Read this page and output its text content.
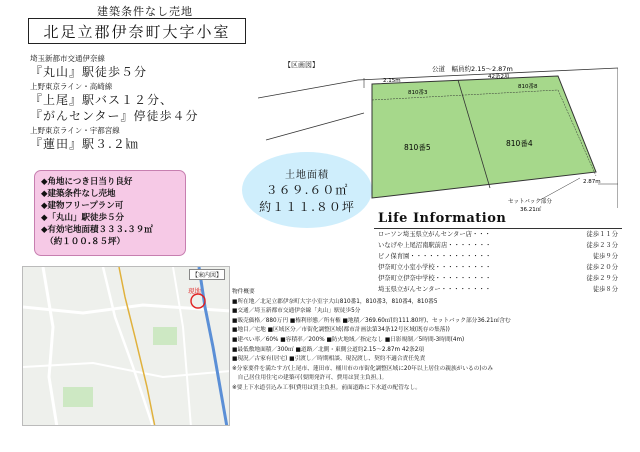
建築条件なし売地
北足立郡伊奈町大字小室
埼玉新都市交通伊奈線
『丸山』駅徒歩５分
上野東京ライン・高崎線
『上尾』駅バス１２分、
『がんセンター』停徒歩４分
上野東京ライン・宇都宮線
『蓮田』駅３.２㎞
◆角地につき日当り良好
◆建築条件なし売地
◆建物フリープラン可
◆「丸山」駅徒歩５分
◆有効宅地面積３３３.３９㎡
　（約１００.８５坪）
土地面積
３６９.６０㎡
約１１１.８０坪
公道　幅員約2.15～2.87m
42条2項
2.15m
2.87m
810番3
810番8
810番5	810番4
セットバック部分
36.21㎡
【区画図】
Life Information
ローソン埼玉県立がんセンター店・・・	徒歩１１分
いなげや上尾沼南駅前店・・・・・・・	徒歩２３分
ピノ保育園・・・・・・・・・・・・・	徒歩９分
伊奈町立小室小学校・・・・・・・・・	徒歩２０分
伊奈町立伊奈中学校・・・・・・・・・	徒歩２９分
埼玉県立がんセンター・・・・・・・・	徒歩８分
現地
【案内図】
物件概要
■所在地／北足立郡伊奈町大字小室字大山810番1，810番3，810番4，810番5
■交通／埼玉新都市交通伊奈線「丸山」駅徒歩5分
■販売価格／880万円 ■権利形態／所有権 ■地積／369.60㎡(約111.80坪)、セットバック部分36.21㎡含む
■地目／宅地 ■区域区分／市街化調整区域(都市計画法第34条12号区域(既存の集落))
■建ぺい率／60% ■容積率／200% ■防火地域／指定なし ■日影規制／5時間-3時間(4m)
■最低敷地面積／300㎡ ■道路／北側・東側公道約2.15～2.87m 42条2項
■現況／古家有(居宅) ■引渡し／時期相談、現況渡し、契約不適合責任免責
※分家要件を満たす方(上尾市、蓮田市、桶川市の市街化調整区域に20年以上居住の親族がいるの)のみ
　自己居住用住宅の建築可(要開発許可、費用は買主負担。)。
※要上下水道引込み工事(費用は買主負担。前面道路に下水道の配管なし。
